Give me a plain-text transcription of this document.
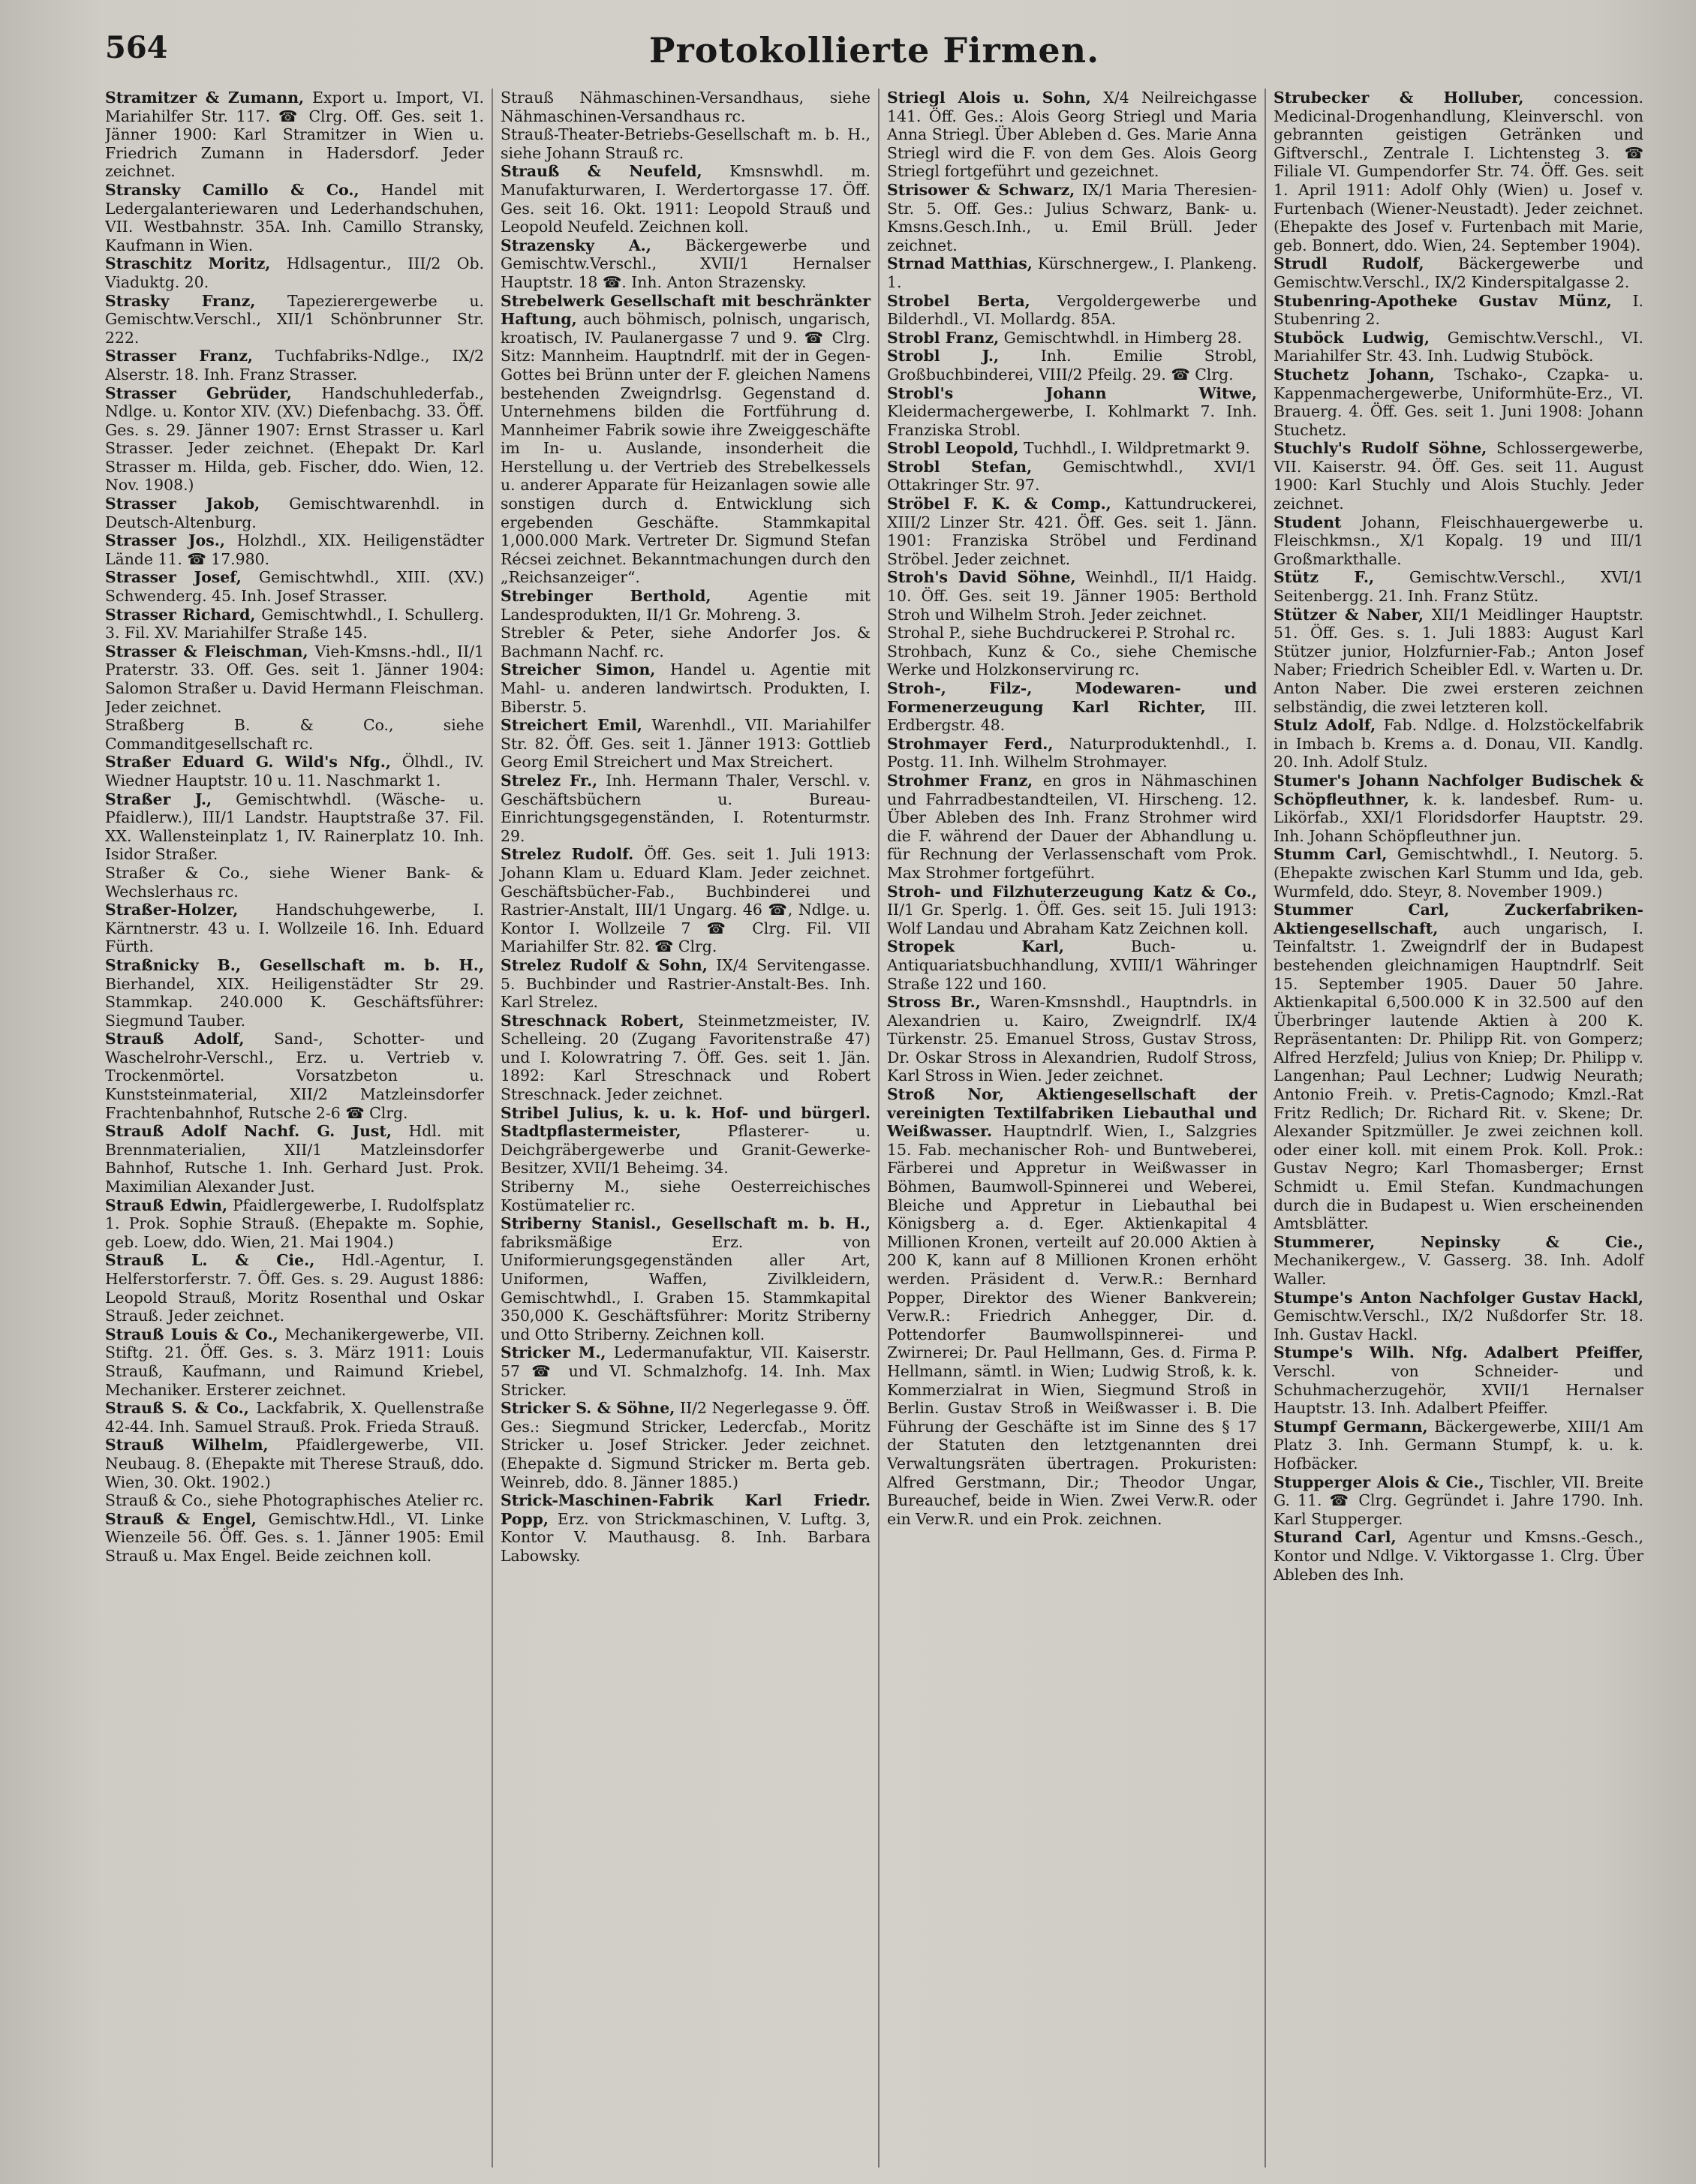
564	Protokollierte Firmen.

Stramitzer & Zumann, Export u. Import, VI. Mariahilfer Str. 117. ☎ Clrg. Off. Ges. seit 1. Jänner 1900: Karl Stramitzer in Wien u. Friedrich Zumann in Hadersdorf. Jeder zeichnet.

Stransky Camillo & Co., Handel mit Ledergalanteriewaren und Lederhandschuhen, VII. Westbahnstr. 35A. Inh. Camillo Stransky, Kaufmann in Wien.

Straschitz Moritz, Hdlsagentur., III/2 Ob. Viaduktg. 20.

Strasky Franz, Tapezierergewerbe u. Gemischtw.Verschl., XII/1 Schönbrunner Str. 222.

Strasser Franz, Tuchfabriks-Ndlge., IX/2 Alserstr. 18. Inh. Franz Strasser.

Strasser Gebrüder, Handschuhlederfab., Ndlge. u. Kontor XIV. (XV.) Diefenbachg. 33. Öff. Ges. s. 29. Jänner 1907: Ernst Strasser u. Karl Strasser. Jeder zeichnet. (Ehepakt Dr. Karl Strasser m. Hilda, geb. Fischer, ddo. Wien, 12. Nov. 1908.)

Strasser Jakob, Gemischtwarenhdl. in Deutsch-Altenburg.

Strasser Jos., Holzhdl., XIX. Heiligenstädter Lände 11. ☎ 17.980.

Strasser Josef, Gemischtwhdl., XIII. (XV.) Schwenderg. 45. Inh. Josef Strasser.

Strasser Richard, Gemischtwhdl., I. Schullerg. 3. Fil. XV. Mariahilfer Straße 145.

Strasser & Fleischman, Vieh-Kmsns.-hdl., II/1 Praterstr. 33. Off. Ges. seit 1. Jänner 1904: Salomon Straßer u. David Hermann Fleischman. Jeder zeichnet.

Straßberg B. & Co., siehe Commanditgesellschaft rc.

Straßer Eduard G. Wild's Nfg., Ölhdl., IV. Wiedner Hauptstr. 10 u. 11. Naschmarkt 1.

Straßer J., Gemischtwhdl. (Wäsche- u. Pfaidlerw.), III/1 Landstr. Hauptstraße 37. Fil. XX. Wallensteinplatz 1, IV. Rainerplatz 10. Inh. Isidor Straßer.

Straßer & Co., siehe Wiener Bank- & Wechslerhaus rc.

Straßer-Holzer, Handschuhgewerbe, I. Kärntnerstr. 43 u. I. Wollzeile 16. Inh. Eduard Fürth.

Straßnicky B., Gesellschaft m. b. H., Bierhandel, XIX. Heiligenstädter Str 29. Stammkap. 240.000 K. Geschäftsführer: Siegmund Tauber.

Strauß Adolf, Sand-, Schotter- und Waschelrohr-Verschl., Erz. u. Vertrieb v. Trockenmörtel. Vorsatzbeton u. Kunststeinmaterial, XII/2 Matzleinsdorfer Frachtenbahnhof, Rutsche 2-6 ☎ Clrg.

Strauß Adolf Nachf. G. Just, Hdl. mit Brennmaterialien, XII/1 Matzleinsdorfer Bahnhof, Rutsche 1. Inh. Gerhard Just. Prok. Maximilian Alexander Just.

Strauß Edwin, Pfaidlergewerbe, I. Rudolfsplatz 1. Prok. Sophie Strauß. (Ehepakte m. Sophie, geb. Loew, ddo. Wien, 21. Mai 1904.)

Strauß L. & Cie., Hdl.-Agentur, I. Helferstorferstr. 7. Öff. Ges. s. 29. August 1886: Leopold Strauß, Moritz Rosenthal und Oskar Strauß. Jeder zeichnet.

Strauß Louis & Co., Mechanikergewerbe, VII. Stiftg. 21. Öff. Ges. s. 3. März 1911: Louis Strauß, Kaufmann, und Raimund Kriebel, Mechaniker. Ersterer zeichnet.

Strauß S. & Co., Lackfabrik, X. Quellenstraße 42-44. Inh. Samuel Strauß. Prok. Frieda Strauß.

Strauß Wilhelm, Pfaidlergewerbe, VII. Neubaug. 8. (Ehepakte mit Therese Strauß, ddo. Wien, 30. Okt. 1902.)

Strauß & Co., siehe Photographisches Atelier rc.

Strauß & Engel, Gemischtw.Hdl., VI. Linke Wienzeile 56. Öff. Ges. s. 1. Jänner 1905: Emil Strauß u. Max Engel. Beide zeichnen koll.

Strauß Nähmaschinen-Versandhaus, siehe Nähmaschinen-Versandhaus rc.

Strauß-Theater-Betriebs-Gesellschaft m. b. H., siehe Johann Strauß rc.

Strauß & Neufeld, Kmsnswhdl. m. Manufakturwaren, I. Werdertorgasse 17. Öff. Ges. seit 16. Okt. 1911: Leopold Strauß und Leopold Neufeld. Zeichnen koll.

Strazensky A., Bäckergewerbe und Gemischtw.Verschl., XVII/1 Hernalser Hauptstr. 18 ☎. Inh. Anton Strazensky.

Strebelwerk Gesellschaft mit beschränkter Haftung, auch böhmisch, polnisch, ungarisch, kroatisch, IV. Paulanergasse 7 und 9. ☎ Clrg. Sitz: Mannheim. Hauptndrlf. mit der in Gegen-Gottes bei Brünn unter der F. gleichen Namens bestehenden Zweigndrlsg. Gegenstand d. Unternehmens bilden die Fortführung d. Mannheimer Fabrik sowie ihre Zweiggeschäfte im In- u. Auslande, insonderheit die Herstellung u. der Vertrieb des Strebelkessels u. anderer Apparate für Heizanlagen sowie alle sonstigen durch d. Entwicklung sich ergebenden Geschäfte. Stammkapital 1,000.000 Mark. Vertreter Dr. Sigmund Stefan Récsei zeichnet. Bekanntmachungen durch den „Reichsanzeiger“.

Strebinger Berthold, Agentie mit Landesprodukten, II/1 Gr. Mohreng. 3.

Strebler & Peter, siehe Andorfer Jos. & Bachmann Nachf. rc.

Streicher Simon, Handel u. Agentie mit Mahl- u. anderen landwirtsch. Produkten, I. Biberstr. 5.

Streichert Emil, Warenhdl., VII. Mariahilfer Str. 82. Öff. Ges. seit 1. Jänner 1913: Gottlieb Georg Emil Streichert und Max Streichert.

Strelez Fr., Inh. Hermann Thaler, Verschl. v. Geschäftsbüchern u. Bureau-Einrichtungsgegenständen, I. Rotenturmstr. 29.

Strelez Rudolf. Öff. Ges. seit 1. Juli 1913: Johann Klam u. Eduard Klam. Jeder zeichnet. Geschäftsbücher-Fab., Buchbinderei und Rastrier-Anstalt, III/1 Ungarg. 46 ☎, Ndlge. u. Kontor I. Wollzeile 7 ☎ Clrg. Fil. VII Mariahilfer Str. 82. ☎ Clrg.

Strelez Rudolf & Sohn, IX/4 Servitengasse. 5. Buchbinder und Rastrier-Anstalt-Bes. Inh. Karl Strelez.

Streschnack Robert, Steinmetzmeister, IV. Schelleing. 20 (Zugang Favoritenstraße 47) und I. Kolowratring 7. Öff. Ges. seit 1. Jän. 1892: Karl Streschnack und Robert Streschnack. Jeder zeichnet.

Stribel Julius, k. u. k. Hof- und bürgerl. Stadtpflastermeister, Pflasterer- u. Deichgräbergewerbe und Granit-Gewerke-Besitzer, XVII/1 Beheimg. 34.

Striberny M., siehe Oesterreichisches Kostümatelier rc.

Striberny Stanisl., Gesellschaft m. b. H., fabriksmäßige Erz. von Uniformierungsgegenständen aller Art, Uniformen, Waffen, Zivilkleidern, Gemischtwhdl., I. Graben 15. Stammkapital 350,000 K. Geschäftsführer: Moritz Striberny und Otto Striberny. Zeichnen koll.

Stricker M., Ledermanufaktur, VII. Kaiserstr. 57 ☎ und VI. Schmalzhofg. 14. Inh. Max Stricker.

Stricker S. & Söhne, II/2 Negerlegasse 9. Öff. Ges.: Siegmund Stricker, Ledercfab., Moritz Stricker u. Josef Stricker. Jeder zeichnet. (Ehepakte d. Sigmund Stricker m. Berta geb. Weinreb, ddo. 8. Jänner 1885.)

Strick-Maschinen-Fabrik Karl Friedr. Popp, Erz. von Strickmaschinen, V. Luftg. 3, Kontor V. Mauthausg. 8. Inh. Barbara Labowsky.

Striegl Alois u. Sohn, X/4 Neilreichgasse 141. Öff. Ges.: Alois Georg Striegl und Maria Anna Striegl. Über Ableben d. Ges. Marie Anna Striegl wird die F. von dem Ges. Alois Georg Striegl fortgeführt und gezeichnet.

Strisower & Schwarz, IX/1 Maria Theresien-Str. 5. Off. Ges.: Julius Schwarz, Bank- u. Kmsns.Gesch.Inh., u. Emil Brüll. Jeder zeichnet.

Strnad Matthias, Kürschnergew., I. Plankeng. 1.

Strobel Berta, Vergoldergewerbe und Bilderhdl., VI. Mollardg. 85A.

Strobl Franz, Gemischtwhdl. in Himberg 28.

Strobl J., Inh. Emilie Strobl, Großbuchbinderei, VIII/2 Pfeilg. 29. ☎ Clrg.

Strobl's Johann Witwe, Kleidermachergewerbe, I. Kohlmarkt 7. Inh. Franziska Strobl.

Strobl Leopold, Tuchhdl., I. Wildpretmarkt 9.

Strobl Stefan, Gemischtwhdl., XVI/1 Ottakringer Str. 97.

Ströbel F. K. & Comp., Kattundruckerei, XIII/2 Linzer Str. 421. Öff. Ges. seit 1. Jänn. 1901: Franziska Ströbel und Ferdinand Ströbel. Jeder zeichnet.

Stroh's David Söhne, Weinhdl., II/1 Haidg. 10. Öff. Ges. seit 19. Jänner 1905: Berthold Stroh und Wilhelm Stroh. Jeder zeichnet.

Strohal P., siehe Buchdruckerei P. Strohal rc.

Strohbach, Kunz & Co., siehe Chemische Werke und Holzkonservirung rc.

Stroh-, Filz-, Modewaren- und Formenerzeugung Karl Richter, III. Erdbergstr. 48.

Strohmayer Ferd., Naturproduktenhdl., I. Postg. 11. Inh. Wilhelm Strohmayer.

Strohmer Franz, en gros in Nähmaschinen und Fahrradbestandteilen, VI. Hirscheng. 12. Über Ableben des Inh. Franz Strohmer wird die F. während der Dauer der Abhandlung u. für Rechnung der Verlassenschaft vom Prok. Max Strohmer fortgeführt.

Stroh- und Filzhuterzeugung Katz & Co., II/1 Gr. Sperlg. 1. Öff. Ges. seit 15. Juli 1913: Wolf Landau und Abraham Katz Zeichnen koll.

Stropek Karl, Buch- u. Antiquariatsbuchhandlung, XVIII/1 Währinger Straße 122 und 160.

Stross Br., Waren-Kmsnshdl., Hauptndrls. in Alexandrien u. Kairo, Zweigndrlf. IX/4 Türkenstr. 25. Emanuel Stross, Gustav Stross, Dr. Oskar Stross in Alexandrien, Rudolf Stross, Karl Stross in Wien. Jeder zeichnet.

Stroß Nor, Aktiengesellschaft der vereinigten Textilfabriken Liebauthal und Weißwasser. Hauptndrlf. Wien, I., Salzgries 15. Fab. mechanischer Roh- und Buntweberei, Färberei und Appretur in Weißwasser in Böhmen, Baumwoll-Spinnerei und Weberei, Bleiche und Appretur in Liebauthal bei Königsberg a. d. Eger. Aktienkapital 4 Millionen Kronen, verteilt auf 20.000 Aktien à 200 K, kann auf 8 Millionen Kronen erhöht werden. Präsident d. Verw.R.: Bernhard Popper, Direktor des Wiener Bankverein; Verw.R.: Friedrich Anhegger, Dir. d. Pottendorfer Baumwollspinnerei- und Zwirnerei; Dr. Paul Hellmann, Ges. d. Firma P. Hellmann, sämtl. in Wien; Ludwig Stroß, k. k. Kommerzialrat in Wien, Siegmund Stroß in Berlin. Gustav Stroß in Weißwasser i. B. Die Führung der Geschäfte ist im Sinne des § 17 der Statuten den letztgenannten drei Verwaltungsräten übertragen. Prokuristen: Alfred Gerstmann, Dir.; Theodor Ungar, Bureauchef, beide in Wien. Zwei Verw.R. oder ein Verw.R. und ein Prok. zeichnen.

Strubecker & Holluber, concession. Medicinal-Drogenhandlung, Kleinverschl. von gebrannten geistigen Getränken und Giftverschl., Zentrale I. Lichtensteg 3. ☎ Filiale VI. Gumpendorfer Str. 74. Öff. Ges. seit 1. April 1911: Adolf Ohly (Wien) u. Josef v. Furtenbach (Wiener-Neustadt). Jeder zeichnet. (Ehepakte des Josef v. Furtenbach mit Marie, geb. Bonnert, ddo. Wien, 24. September 1904).

Strudl Rudolf, Bäckergewerbe und Gemischtw.Verschl., IX/2 Kinderspitalgasse 2.

Stubenring-Apotheke Gustav Münz, I. Stubenring 2.

Stuböck Ludwig, Gemischtw.Verschl., VI. Mariahilfer Str. 43. Inh. Ludwig Stuböck.

Stuchetz Johann, Tschako-, Czapka- u. Kappenmachergewerbe, Uniformhüte-Erz., VI. Brauerg. 4. Öff. Ges. seit 1. Juni 1908: Johann Stuchetz.

Stuchly's Rudolf Söhne, Schlossergewerbe, VII. Kaiserstr. 94. Öff. Ges. seit 11. August 1900: Karl Stuchly und Alois Stuchly. Jeder zeichnet.

Student Johann, Fleischhauergewerbe u. Fleischkmsn., X/1 Kopalg. 19 und III/1 Großmarkthalle.

Stütz F., Gemischtw.Verschl., XVI/1 Seitenbergg. 21. Inh. Franz Stütz.

Stützer & Naber, XII/1 Meidlinger Hauptstr. 51. Öff. Ges. s. 1. Juli 1883: August Karl Stützer junior, Holzfurnier-Fab.; Anton Josef Naber; Friedrich Scheibler Edl. v. Warten u. Dr. Anton Naber. Die zwei ersteren zeichnen selbständig, die zwei letzteren koll.

Stulz Adolf, Fab. Ndlge. d. Holzstöckelfabrik in Imbach b. Krems a. d. Donau, VII. Kandlg. 20. Inh. Adolf Stulz.

Stumer's Johann Nachfolger Budischek & Schöpfleuthner, k. k. landesbef. Rum- u. Likörfab., XXI/1 Floridsdorfer Hauptstr. 29. Inh. Johann Schöpfleuthner jun.

Stumm Carl, Gemischtwhdl., I. Neutorg. 5. (Ehepakte zwischen Karl Stumm und Ida, geb. Wurmfeld, ddo. Steyr, 8. November 1909.)

Stummer Carl, Zuckerfabriken-Aktiengesellschaft, auch ungarisch, I. Teinfaltstr. 1. Zweigndrlf der in Budapest bestehenden gleichnamigen Hauptndrlf. Seit 15. September 1905. Dauer 50 Jahre. Aktienkapital 6,500.000 K in 32.500 auf den Überbringer lautende Aktien à 200 K. Repräsentanten: Dr. Philipp Rit. von Gomperz; Alfred Herzfeld; Julius von Kniep; Dr. Philipp v. Langenhan; Paul Lechner; Ludwig Neurath; Antonio Freih. v. Pretis-Cagnodo; Kmzl.-Rat Fritz Redlich; Dr. Richard Rit. v. Skene; Dr. Alexander Spitzmüller. Je zwei zeichnen koll. oder einer koll. mit einem Prok. Koll. Prok.: Gustav Negro; Karl Thomasberger; Ernst Schmidt u. Emil Stefan. Kundmachungen durch die in Budapest u. Wien erscheinenden Amtsblätter.

Stummerer, Nepinsky & Cie., Mechanikergew., V. Gasserg. 38. Inh. Adolf Waller.

Stumpe's Anton Nachfolger Gustav Hackl, Gemischtw.Verschl., IX/2 Nußdorfer Str. 18. Inh. Gustav Hackl.

Stumpe's Wilh. Nfg. Adalbert Pfeiffer, Verschl. von Schneider- und Schuhmacherzugehör, XVII/1 Hernalser Hauptstr. 13. Inh. Adalbert Pfeiffer.

Stumpf Germann, Bäckergewerbe, XIII/1 Am Platz 3. Inh. Germann Stumpf, k. u. k. Hofbäcker.

Stupperger Alois & Cie., Tischler, VII. Breite G. 11. ☎ Clrg. Gegründet i. Jahre 1790. Inh. Karl Stupperger.

Sturand Carl, Agentur und Kmsns.-Gesch., Kontor und Ndlge. V. Viktorgasse 1. Clrg. Über Ableben des Inh.
